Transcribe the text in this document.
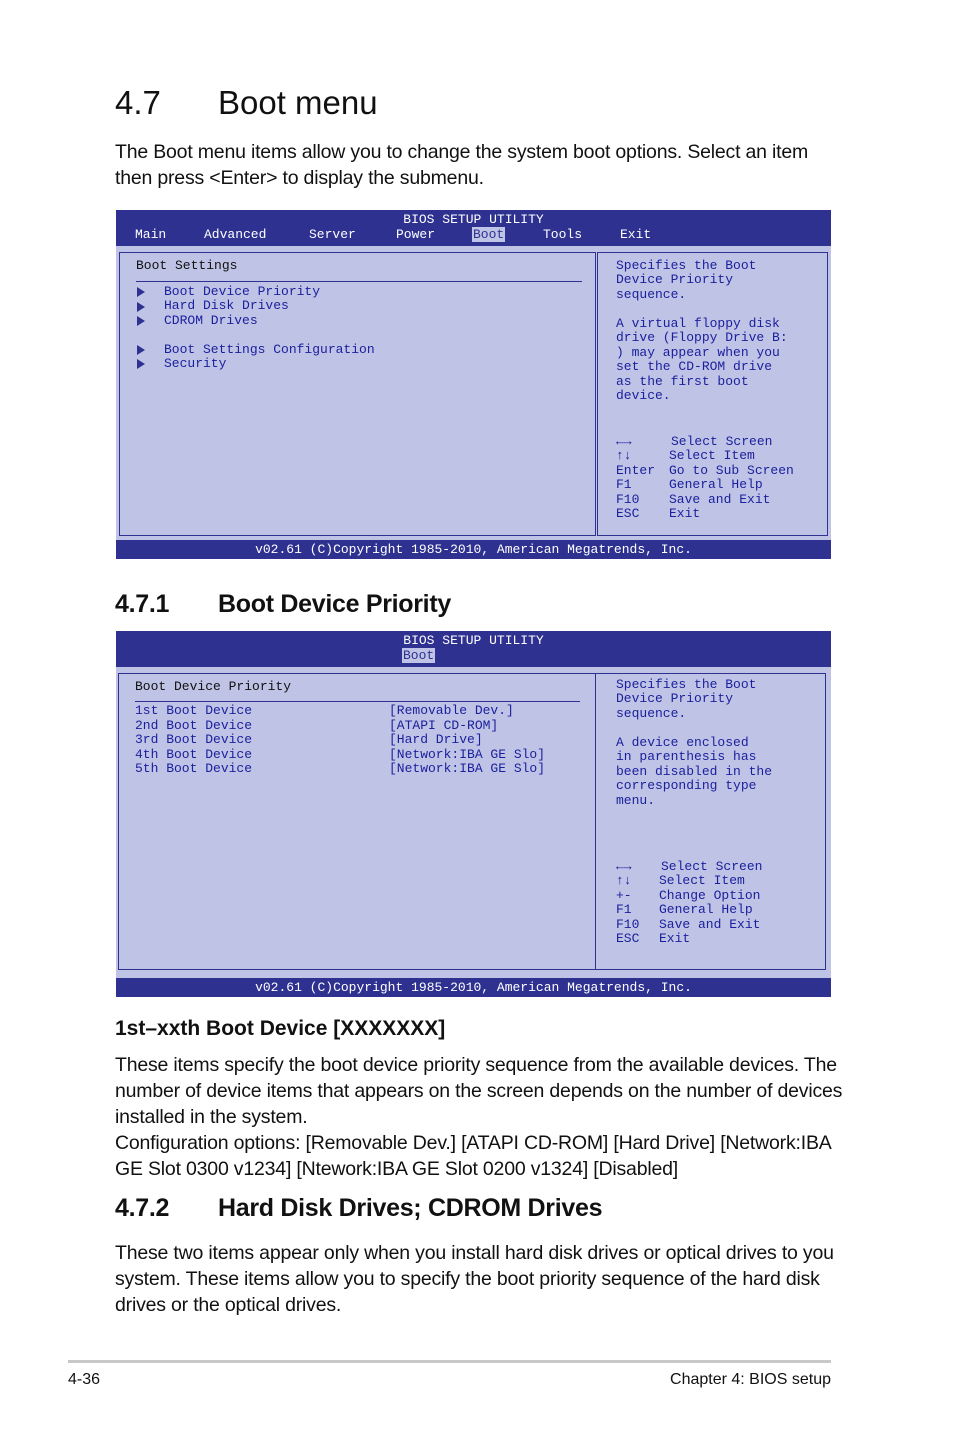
4.7 Boot menu
The Boot menu items allow you to change the system boot options. Select an item then press <Enter> to display the submenu.
BIOS SETUP UTILITY
Main	Advanced	Server	Power	Boot	Tools	Exit
Boot Settings
Boot Device Priority
Hard Disk Drives
CDROM Drives
Boot Settings Configuration
Security
Specifies the Boot
Device Priority
sequence.
A virtual floppy disk
drive (Floppy Drive B:
) may appear when you
set the CD-ROM drive
as the first boot
device.
←→	Select Screen
↑↓	Select Item
Enter Go to Sub Screen
F1	General Help
F10 Save and Exit
ESC Exit
v02.61 (C)Copyright 1985-2010, American Megatrends, Inc.
4.7.1 Boot Device Priority
BIOS SETUP UTILITY
Boot
Boot Device Priority
1st Boot Device	[Removable Dev.]
2nd Boot Device	[ATAPI CD-ROM]
3rd Boot Device	[Hard Drive]
4th Boot Device	[Network:IBA GE Slo]
5th Boot Device	[Network:IBA GE Slo]
Specifies the Boot
Device Priority
sequence.
A device enclosed
in parenthesis has
been disabled in the
corresponding type
menu.
←→ Select Screen
↑↓ Select Item
+- Change Option
F1 General Help
F10 Save and Exit
ESC Exit
v02.61 (C)Copyright 1985-2010, American Megatrends, Inc.
1st–xxth Boot Device [XXXXXXX]

These items specify the boot device priority sequence from the available devices. The number of device items that appears on the screen depends on the number of devices installed in the system.

Configuration options: [Removable Dev.] [ATAPI CD-ROM] [Hard Drive] [Network:IBA GE Slot 0300 v1234] [Ntework:IBA GE Slot 0200 v1324] [Disabled]

4.7.2 Hard Disk Drives; CDROM Drives
These two items appear only when you install hard disk drives or optical drives to you system. These items allow you to specify the boot priority sequence of the hard disk drives or the optical drives.
4-36	Chapter 4: BIOS setup
